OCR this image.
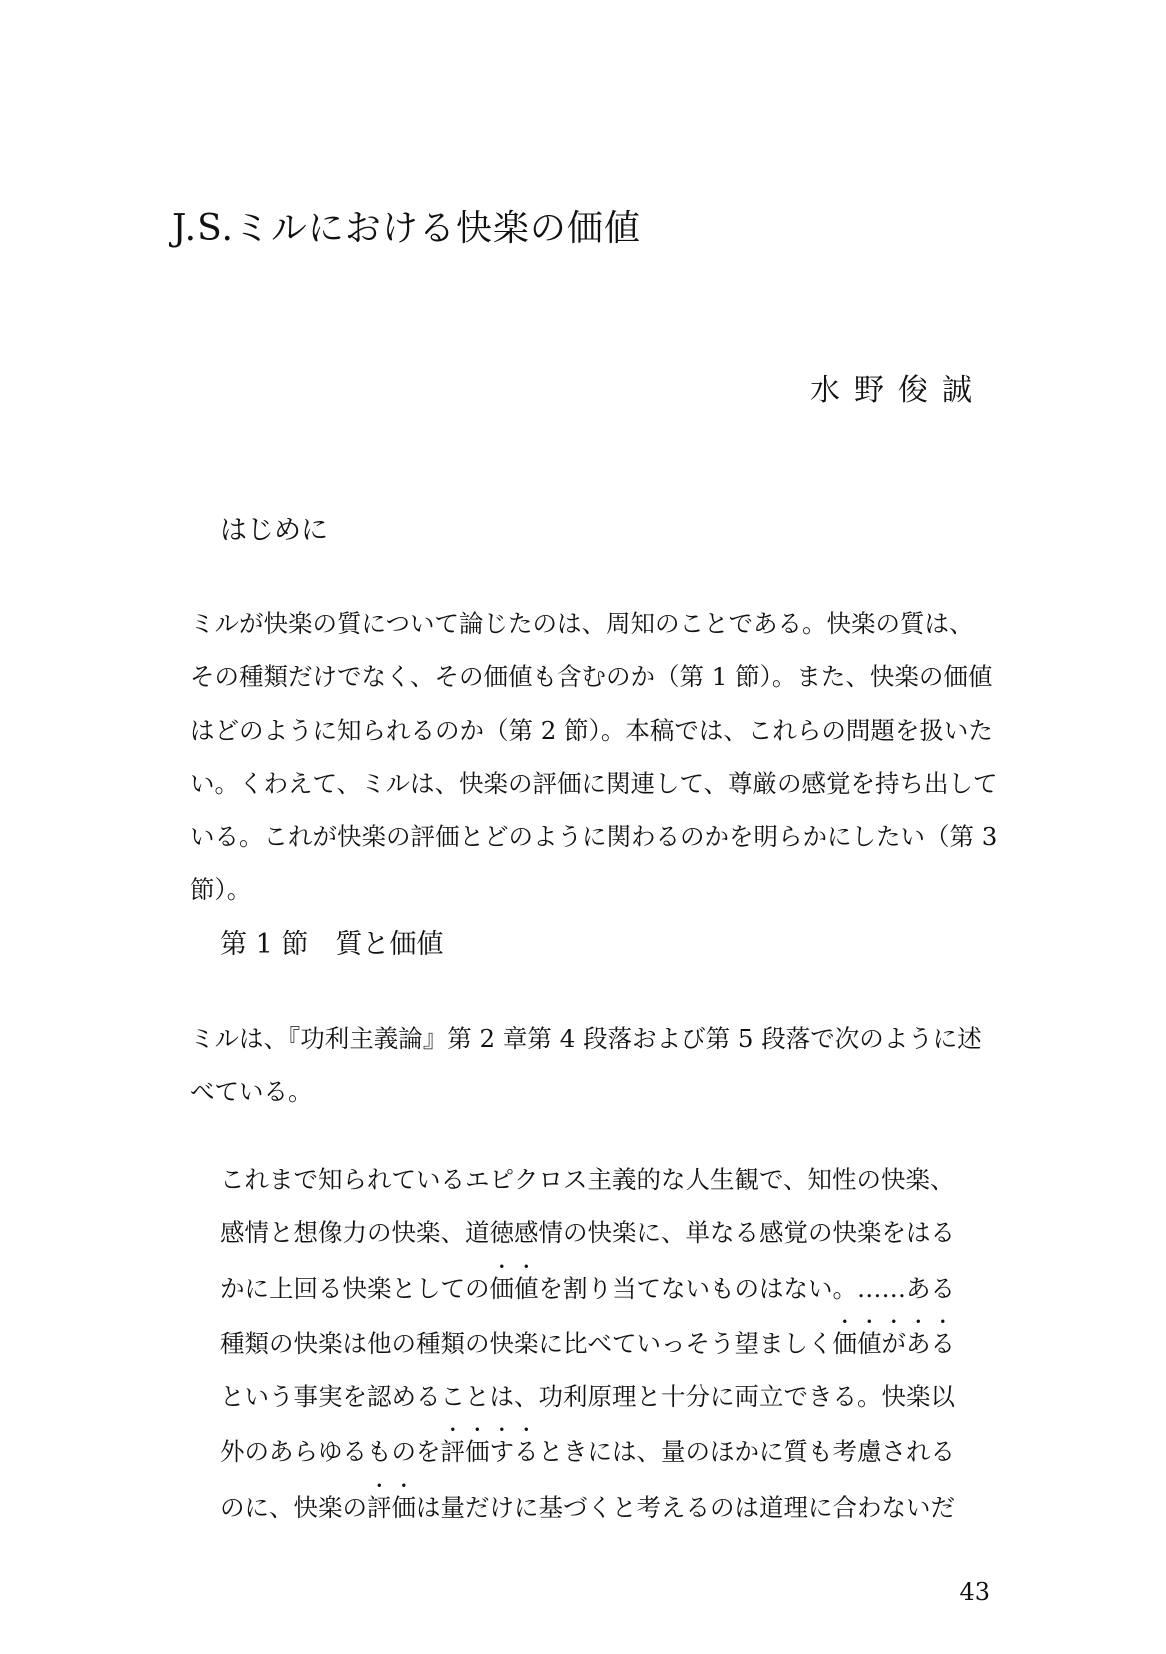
J.S.ミルにおける快楽の価値
水野俊誠
はじめに

ミルが快楽の質について論じたのは、周知のことである。快楽の質は、
その種類だけでなく、その価値も含むのか（第 1 節）。また、快楽の価値
はどのように知られるのか（第 2 節）。本稿では、これらの問題を扱いた
い。くわえて、ミルは、快楽の評価に関連して、尊厳の感覚を持ち出して
いる。これが快楽の評価とどのように関わるのかを明らかにしたい（第 3
節）。

第 1 節　質と価値

ミルは、『功利主義論』第 2 章第 4 段落および第 5 段落で次のように述
べている。

これまで知られているエピクロス主義的な人生観で、知性の快楽、
感情と想像力の快楽、道徳感情の快楽に、単なる感覚の快楽をはる
かに上回る快楽としての価値を割り当てないものはない。……ある
種類の快楽は他の種類の快楽に比べていっそう望ましく価値がある
という事実を認めることは、功利原理と十分に両立できる。快楽以
外のあらゆるものを評価するときには、量のほかに質も考慮される
のに、快楽の評価は量だけに基づくと考えるのは道理に合わないだ

43
